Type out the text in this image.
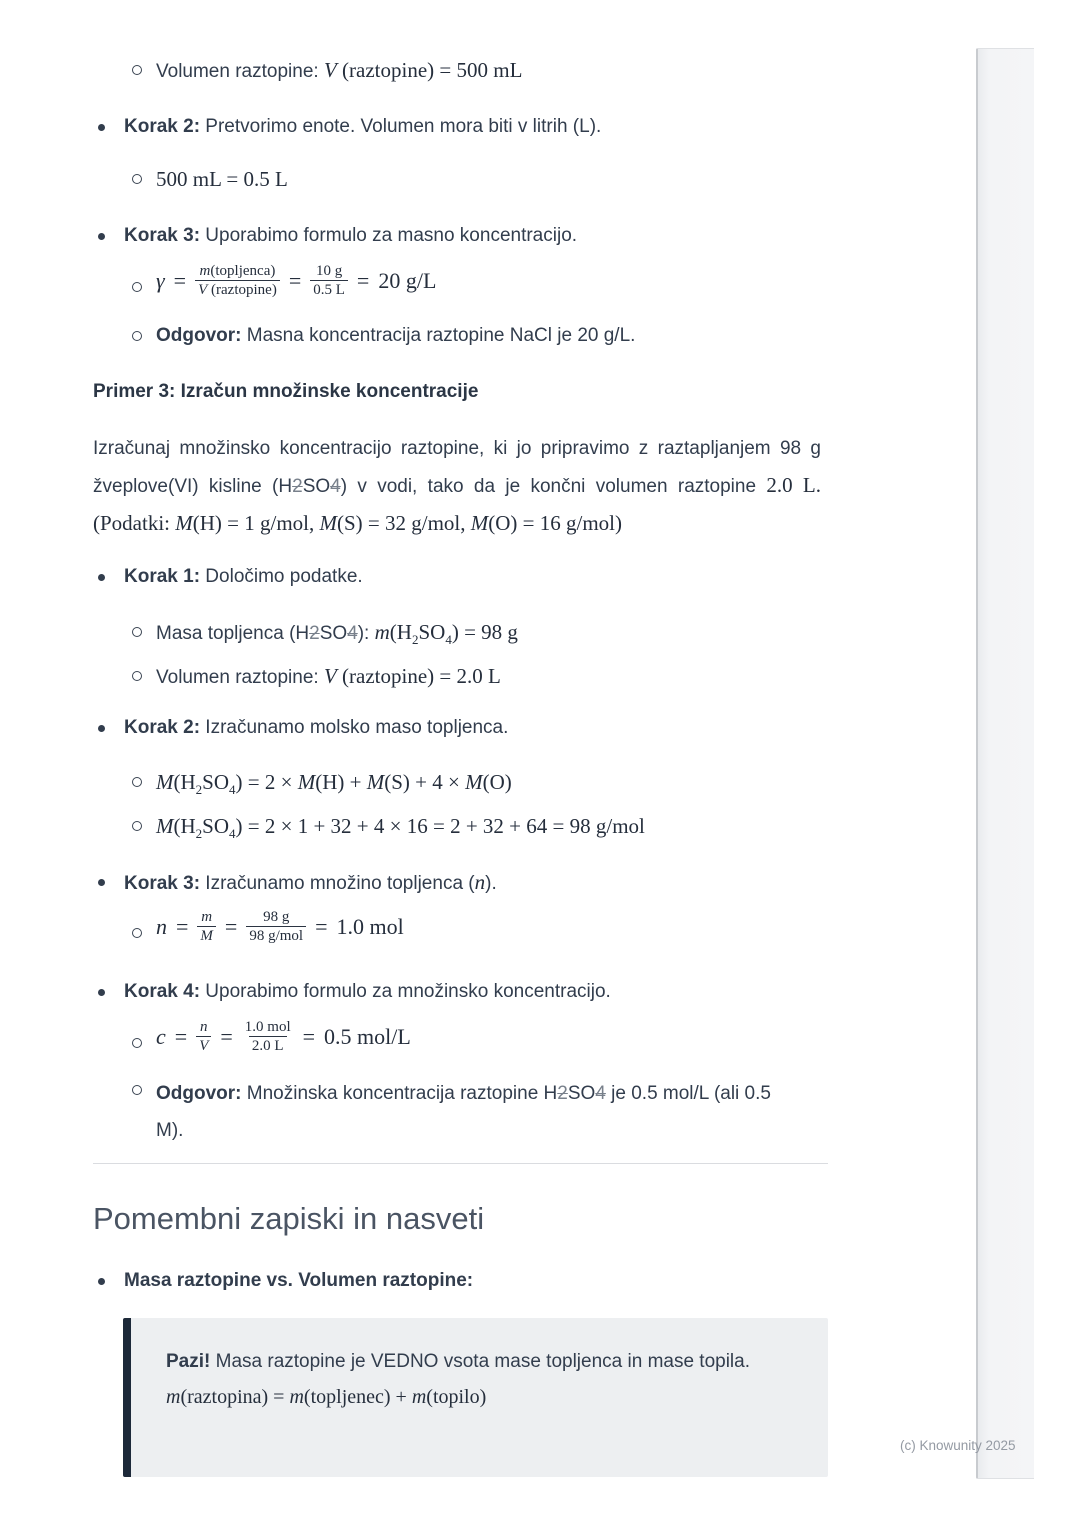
Volumen raztopine: V (raztopine) = 500 mL
Korak 2: Pretvorimo enote. Volumen mora biti v litrih (L).
500 mL = 0.5 L
Korak 3: Uporabimo formulo za masno koncentracijo.
$\gamma = \frac{\text{m(topljenca)}}{\text{V (raztopine)}} = \frac{10 g}{0.5 L} = 20$ g/L
Odgovor: Masna koncentracija raztopine NaCl je 20 g/L.
Primer 3: Izračun množinske koncentracije
Izračunaj množinsko koncentracijo raztopine, ki jo pripravimo z raztapljanjem 98 g žveplove(VI) kisline (H2SO4) v vodi, tako da je končni volumen raztopine 2.0 L. (Podatki: M(H) = 1 g/mol, M(S) = 32 g/mol, M(O) = 16 g/mol)
Korak 1: Določimo podatke.
Masa topljenca (H2SO4): $m(H_2SO_4) = 98$ g
Volumen raztopine: V (raztopine) = 2.0 L
Korak 2: Izračunamo molsko maso topljenca.
$M(H_2SO_4) = 2 \times M(H) + M(S) + 4 \times M(O)$
$M(H_2SO_4) = 2 \times 1 + 32 + 4 \times 16 = 2 + 32 + 64 = 98$ g/mol
Korak 3: Izračunamo množino topljenca (n).
$n = \frac{m}{M} = \frac{98 g}{\text{98 g/mol}} = 1.0$ mol
Korak 4: Uporabimo formulo za množinsko koncentracijo.
$c = \frac{n}{V} = \frac{\text{1.0 mol}}{2.0 L} = 0.5$ mol/L
Odgovor: Množinska koncentracija raztopine H2SO4 je 0.5 mol/L (ali 0.5 M).
Pomembni zapiski in nasveti
Masa raztopine vs. Volumen raztopine:
Pazi! Masa raztopine je VEDNO vsota mase topljenca in mase topila.
m(raztopina) = m(topljenec) + m(topilo)
(c) Knowunity 2025
